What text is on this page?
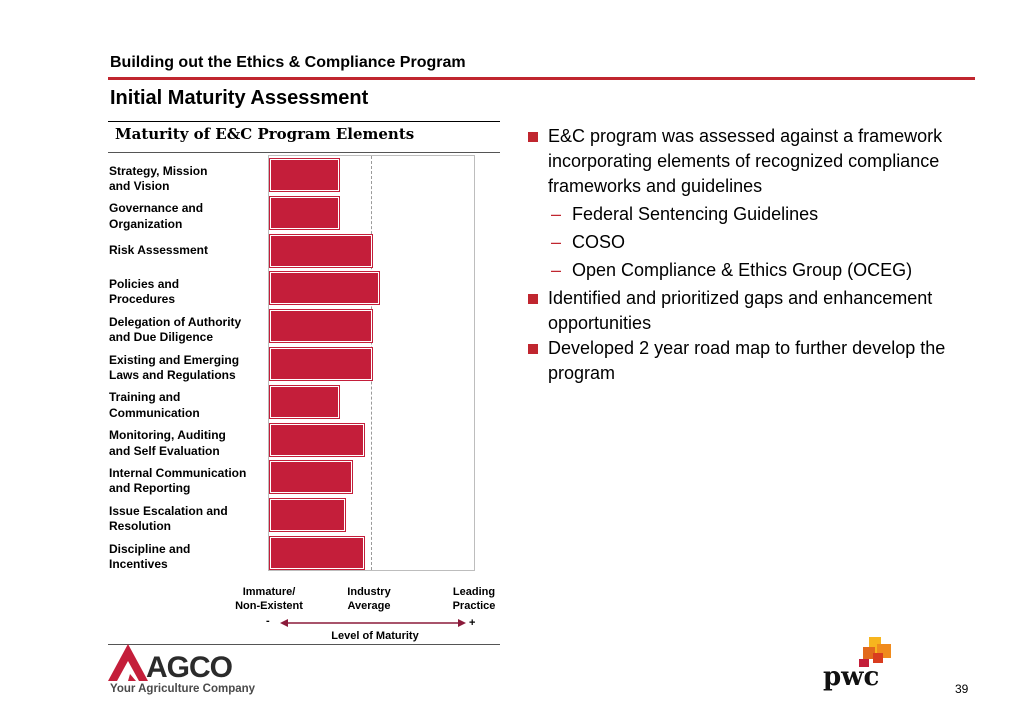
Building out the Ethics & Compliance Program
Initial Maturity Assessment
Maturity of E&C Program Elements
Strategy, Mission
and Vision
Governance and
Organization
Risk Assessment
Policies and
Procedures
Delegation of Authority
and Due Diligence
Existing and Emerging
Laws and Regulations
Training and
Communication
Monitoring, Auditing
and Self Evaluation
Internal Communication
and Reporting
Issue Escalation and
Resolution
Discipline and
Incentives
Immature/
Non-Existent
Industry
Average
Leading
Practice
-	+
Level of Maturity
E&C program was assessed against a framework incorporating elements of recognized compliance frameworks and guidelines
– Federal Sentencing Guidelines
– COSO
– Open Compliance & Ethics Group (OCEG)
Identified and prioritized gaps and enhancement opportunities
Developed 2 year road map to further develop the program
AGCO
Your Agriculture Company	pwc	39
